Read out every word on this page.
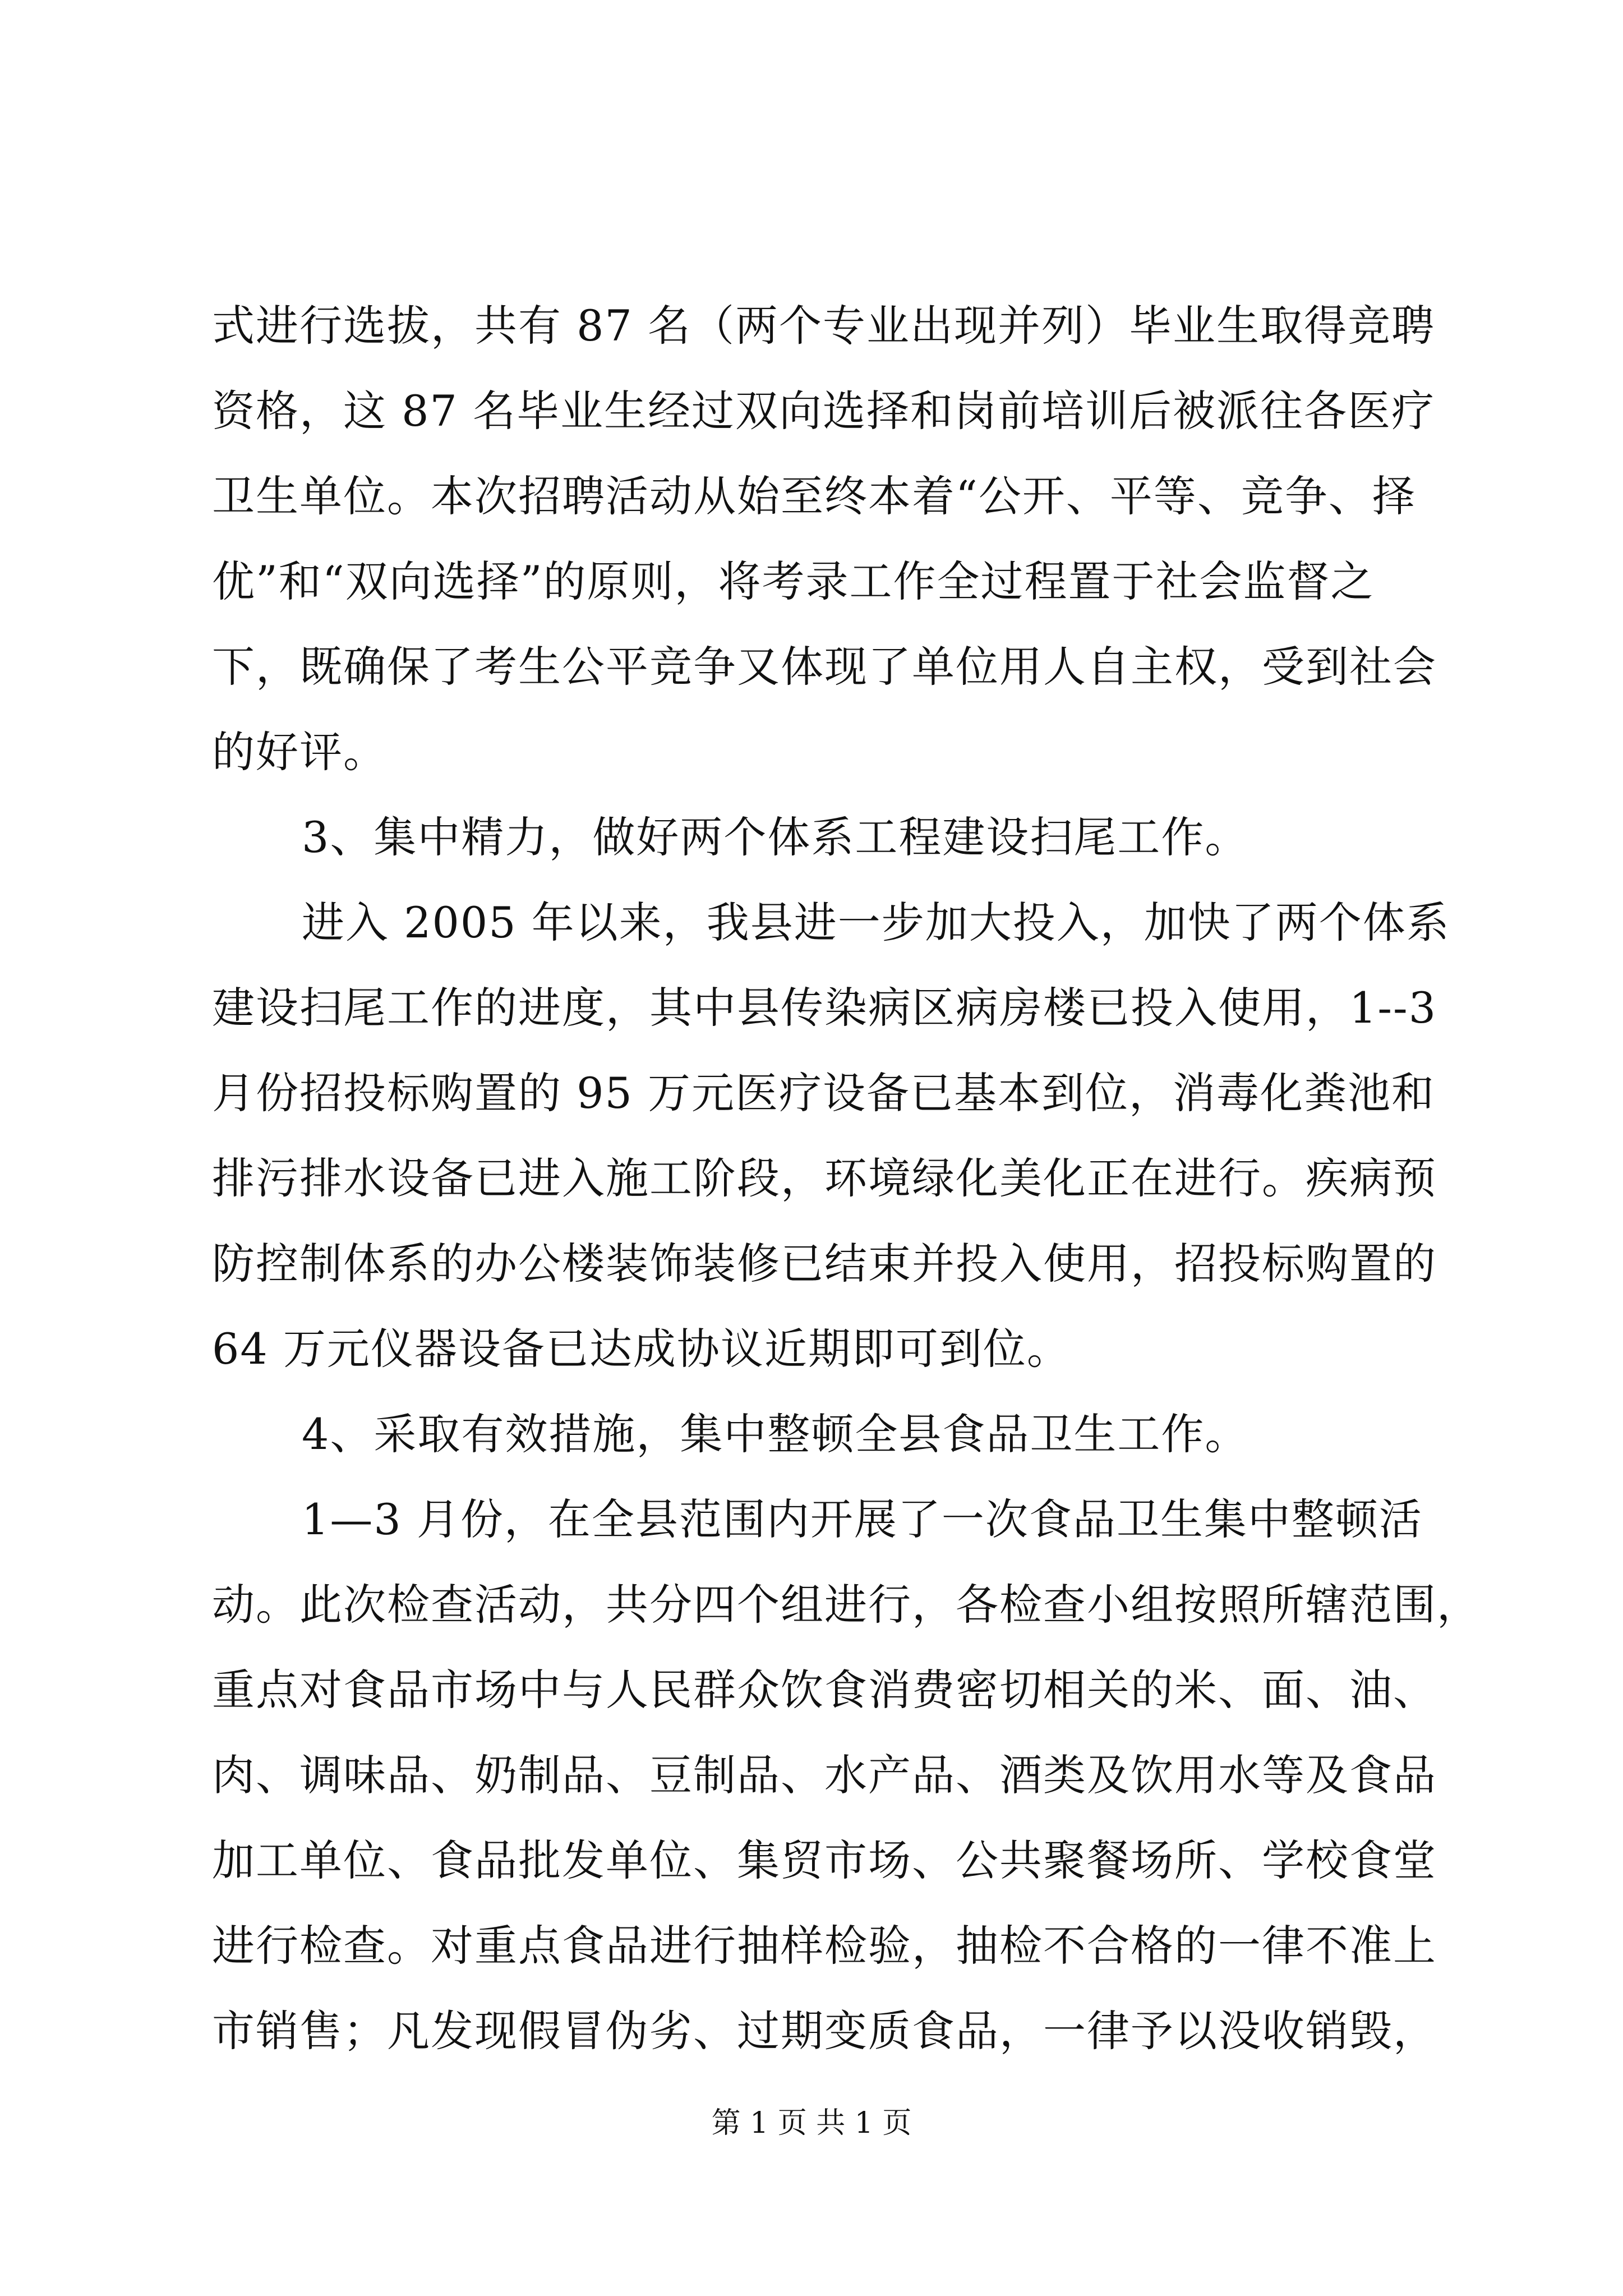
式进行选拔，共有 87 名（两个专业出现并列）毕业生取得竞聘
资格，这 87 名毕业生经过双向选择和岗前培训后被派往各医疗
卫生单位。本次招聘活动从始至终本着“公开、平等、竞争、择
优”和“双向选择”的原则，将考录工作全过程置于社会监督之
下，既确保了考生公平竞争又体现了单位用人自主权，受到社会
的好评。
3、集中精力，做好两个体系工程建设扫尾工作。
进入 2005 年以来，我县进一步加大投入，加快了两个体系
建设扫尾工作的进度，其中县传染病区病房楼已投入使用，1--3
月份招投标购置的 95 万元医疗设备已基本到位，消毒化粪池和
排污排水设备已进入施工阶段，环境绿化美化正在进行。疾病预
防控制体系的办公楼装饰装修已结束并投入使用，招投标购置的
64 万元仪器设备已达成协议近期即可到位。
4、采取有效措施，集中整顿全县食品卫生工作。
1—3 月份，在全县范围内开展了一次食品卫生集中整顿活
动。此次检查活动，共分四个组进行，各检查小组按照所辖范围，
重点对食品市场中与人民群众饮食消费密切相关的米、面、油、
肉、调味品、奶制品、豆制品、水产品、酒类及饮用水等及食品
加工单位、食品批发单位、集贸市场、公共聚餐场所、学校食堂
进行检查。对重点食品进行抽样检验，抽检不合格的一律不准上
市销售；凡发现假冒伪劣、过期变质食品，一律予以没收销毁，
第 1 页 共 1 页
